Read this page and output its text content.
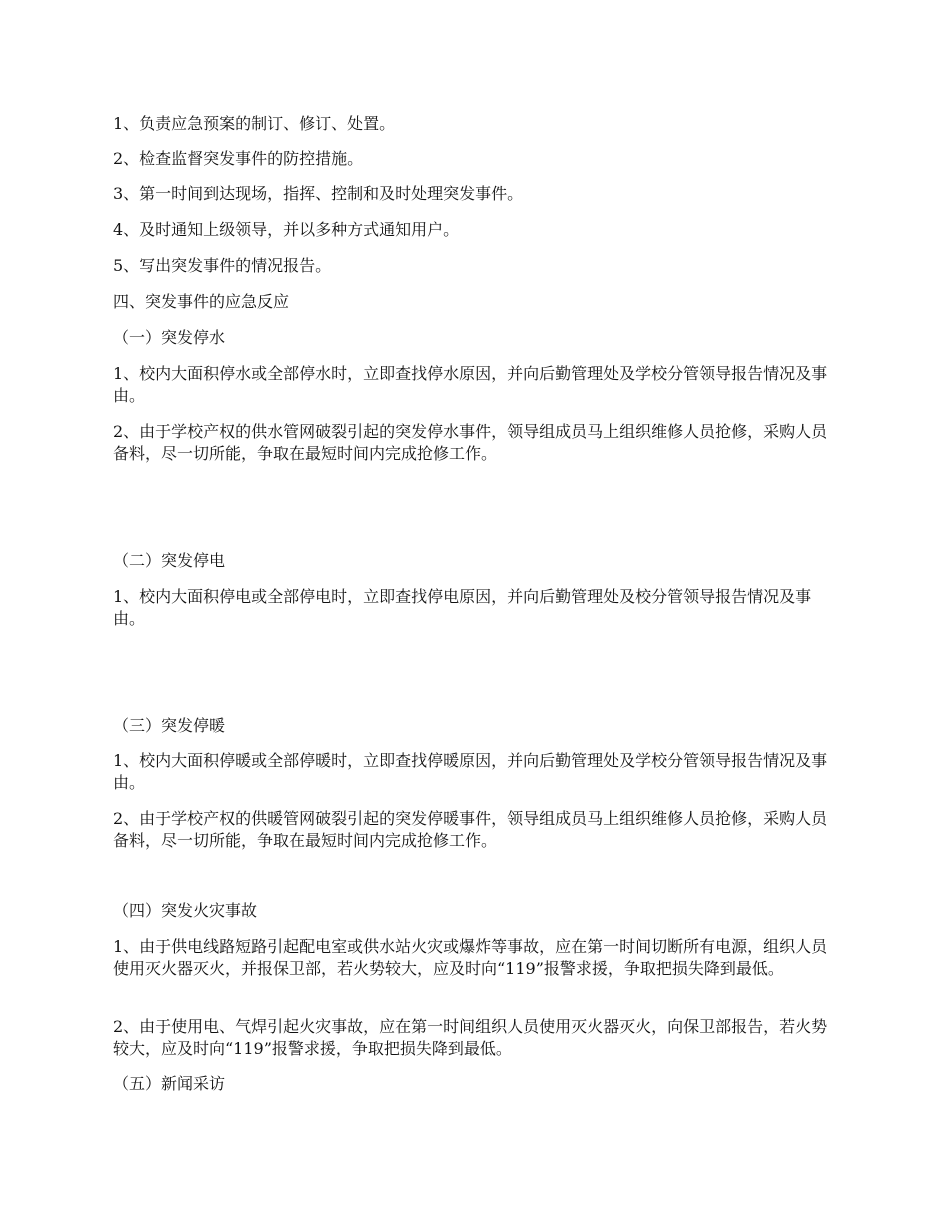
1、负责应急预案的制订、修订、处置。

2、检查监督突发事件的防控措施。

3、第一时间到达现场，指挥、控制和及时处理突发事件。

4、及时通知上级领导，并以多种方式通知用户。

5、写出突发事件的情况报告。

四、突发事件的应急反应

（一）突发停水

1、校内大面积停水或全部停水时，立即查找停水原因，并向后勤管理处及学校分管领导报告情况及事由。

2、由于学校产权的供水管网破裂引起的突发停水事件，领导组成员马上组织维修人员抢修，采购人员备料，尽一切所能，争取在最短时间内完成抢修工作。

（二）突发停电

1、校内大面积停电或全部停电时，立即查找停电原因，并向后勤管理处及校分管领导报告情况及事由。

（三）突发停暖

1、校内大面积停暖或全部停暖时，立即查找停暖原因，并向后勤管理处及学校分管领导报告情况及事由。

2、由于学校产权的供暖管网破裂引起的突发停暖事件，领导组成员马上组织维修人员抢修，采购人员备料，尽一切所能，争取在最短时间内完成抢修工作。

（四）突发火灾事故

1、由于供电线路短路引起配电室或供水站火灾或爆炸等事故，应在第一时间切断所有电源，组织人员使用灭火器灭火，并报保卫部，若火势较大，应及时向“119”报警求援，争取把损失降到最低。

2、由于使用电、气焊引起火灾事故，应在第一时间组织人员使用灭火器灭火，向保卫部报告，若火势较大，应及时向“119”报警求援，争取把损失降到最低。

（五）新闻采访
